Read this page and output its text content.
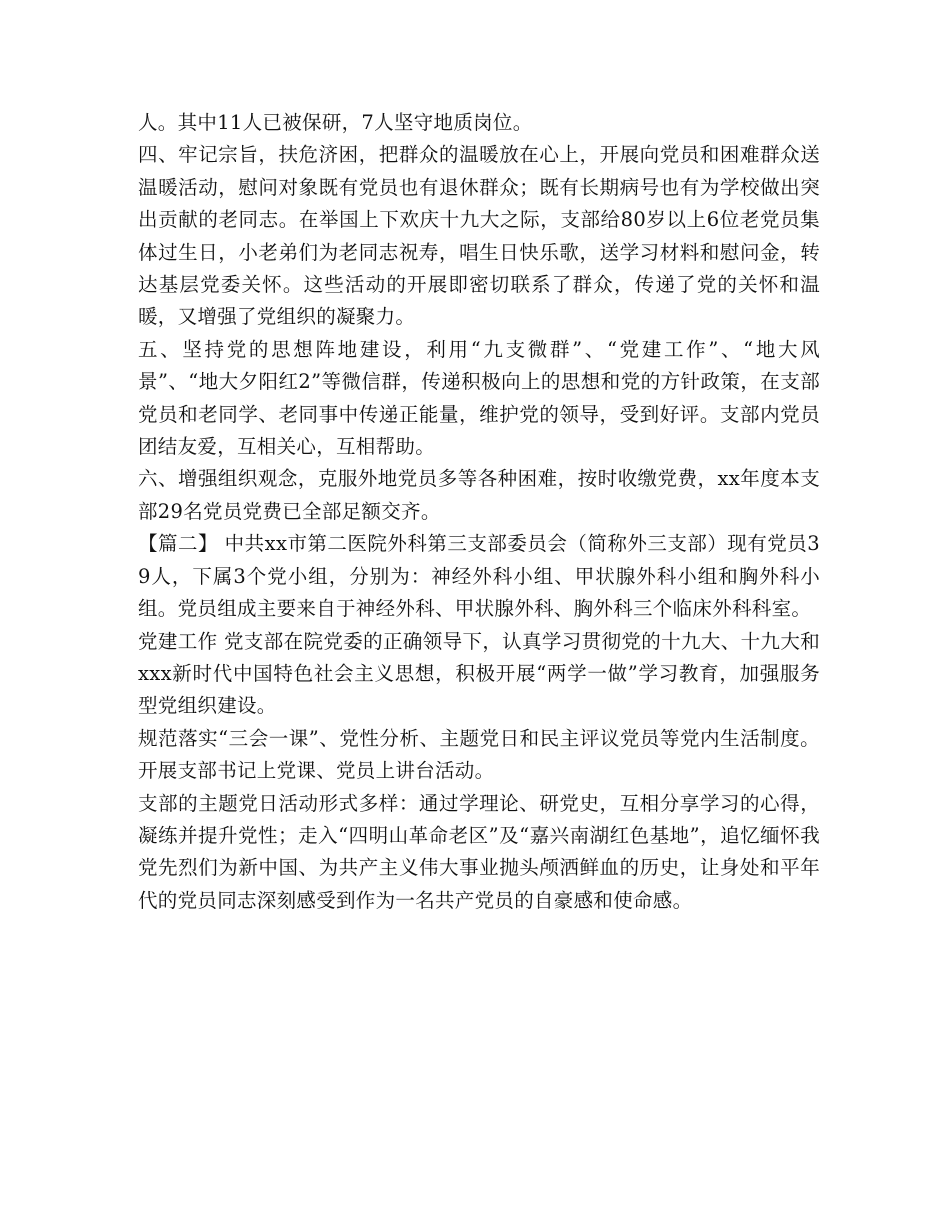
人。其中11人已被保研，7人坚守地质岗位。

四、牢记宗旨，扶危济困，把群众的温暖放在心上，开展向党员和困难群众送温暖活动，慰问对象既有党员也有退休群众；既有长期病号也有为学校做出突出贡献的老同志。在举国上下欢庆十九大之际，支部给80岁以上6位老党员集体过生日，小老弟们为老同志祝寿，唱生日快乐歌，送学习材料和慰问金，转达基层党委关怀。这些活动的开展即密切联系了群众，传递了党的关怀和温暖，又增强了党组织的凝聚力。

五、坚持党的思想阵地建设，利用“九支微群”、“党建工作”、“地大风景”、“地大夕阳红2”等微信群，传递积极向上的思想和党的方针政策，在支部党员和老同学、老同事中传递正能量，维护党的领导，受到好评。支部内党员团结友爱，互相关心，互相帮助。

六、增强组织观念，克服外地党员多等各种困难，按时收缴党费，xx年度本支部29名党员党费已全部足额交齐。

【篇二】 中共xx市第二医院外科第三支部委员会（简称外三支部）现有党员39人，下属3个党小组，分别为：神经外科小组、甲状腺外科小组和胸外科小组。党员组成主要来自于神经外科、甲状腺外科、胸外科三个临床外科科室。

党建工作 党支部在院党委的正确领导下，认真学习贯彻党的十九大、十九大和xxx新时代中国特色社会主义思想，积极开展“两学一做”学习教育，加强服务型党组织建设。

规范落实“三会一课”、党性分析、主题党日和民主评议党员等党内生活制度。开展支部书记上党课、党员上讲台活动。

支部的主题党日活动形式多样：通过学理论、研党史，互相分享学习的心得，凝练并提升党性；走入“四明山革命老区”及“嘉兴南湖红色基地”，追忆缅怀我党先烈们为新中国、为共产主义伟大事业抛头颅洒鲜血的历史，让身处和平年代的党员同志深刻感受到作为一名共产党员的自豪感和使命感。
